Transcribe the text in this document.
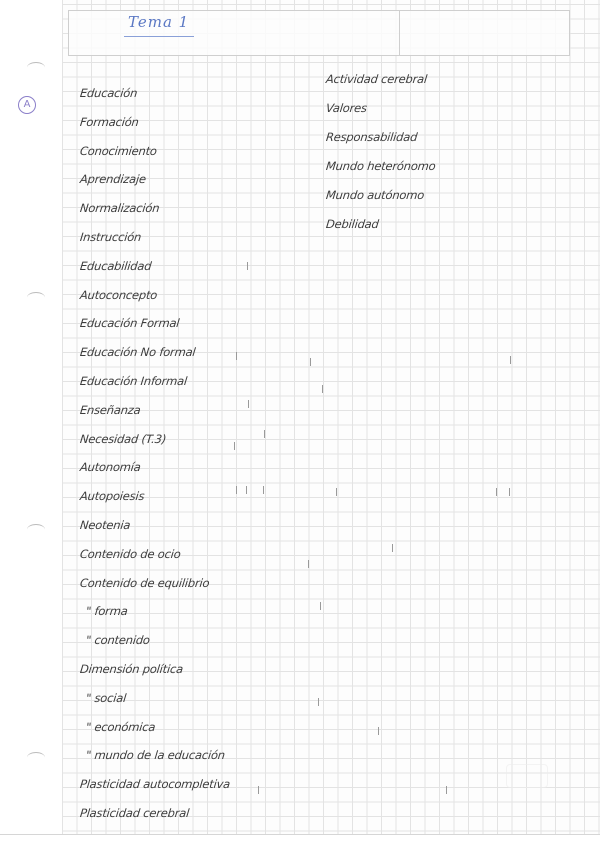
Tema 1
A
Educación
Formación
Conocimiento
Aprendizaje
Normalización
Instrucción
Educabilidad
Autoconcepto
Educación Formal
Educación No formal
Educación Informal
Enseñanza
Necesidad (T.3)
Autonomía
Autopoiesis
Neotenia
Contenido de ocio
Contenido de equilibrio
" forma
" contenido
Dimensión política
" social
" económica
" mundo de la educación
Plasticidad autocompletiva
Plasticidad cerebral
Actividad cerebral
Valores
Responsabilidad
Mundo heterónomo
Mundo autónomo
Debilidad
